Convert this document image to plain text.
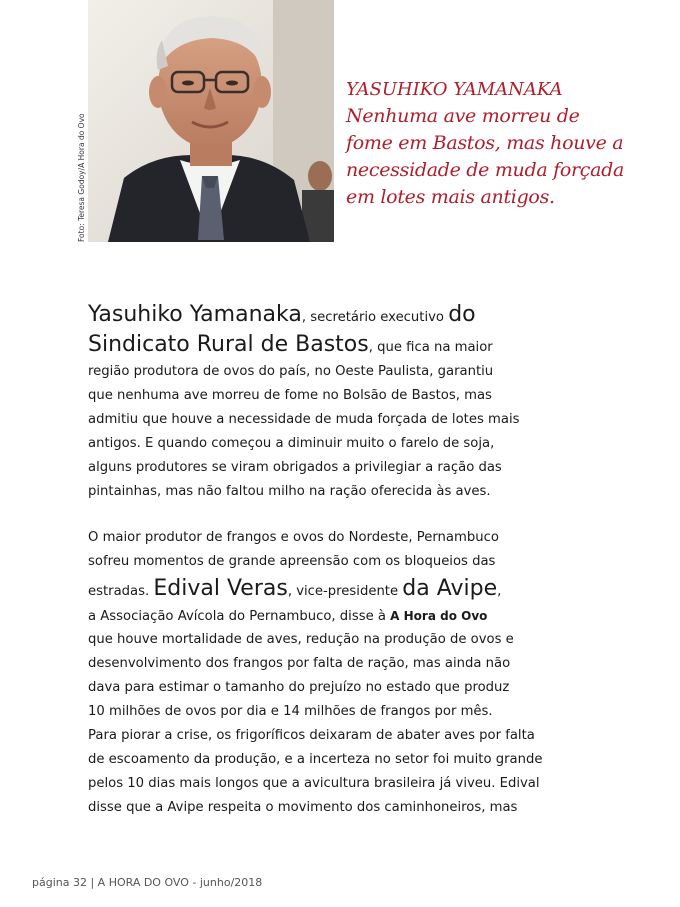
Foto: Teresa Godoy/A Hora do Ovo
YASUHIKO YAMANAKA
Nenhuma ave morreu de
fome em Bastos, mas houve a
necessidade de muda forçada
em lotes mais antigos.
Yasuhiko Yamanaka, secretário executivo do
Sindicato Rural de Bastos, que fica na maior
região produtora de ovos do país, no Oeste Paulista, garantiu
que nenhuma ave morreu de fome no Bolsão de Bastos, mas
admitiu que houve a necessidade de muda forçada de lotes mais
antigos. E quando começou a diminuir muito o farelo de soja,
alguns produtores se viram obrigados a privilegiar a ração das
pintainhas, mas não faltou milho na ração oferecida às aves.
O maior produtor de frangos e ovos do Nordeste, Pernambuco
sofreu momentos de grande apreensão com os bloqueios das
estradas. Edival Veras, vice-presidente da Avipe,
a Associação Avícola do Pernambuco, disse à A Hora do Ovo
que houve mortalidade de aves, redução na produção de ovos e
desenvolvimento dos frangos por falta de ração, mas ainda não
dava para estimar o tamanho do prejuízo no estado que produz
10 milhões de ovos por dia e 14 milhões de frangos por mês.
Para piorar a crise, os frigoríficos deixaram de abater aves por falta
de escoamento da produção, e a incerteza no setor foi muito grande
pelos 10 dias mais longos que a avicultura brasileira já viveu. Edival
disse que a Avipe respeita o movimento dos caminhoneiros, mas
página 32 | A HORA DO OVO - junho/2018
